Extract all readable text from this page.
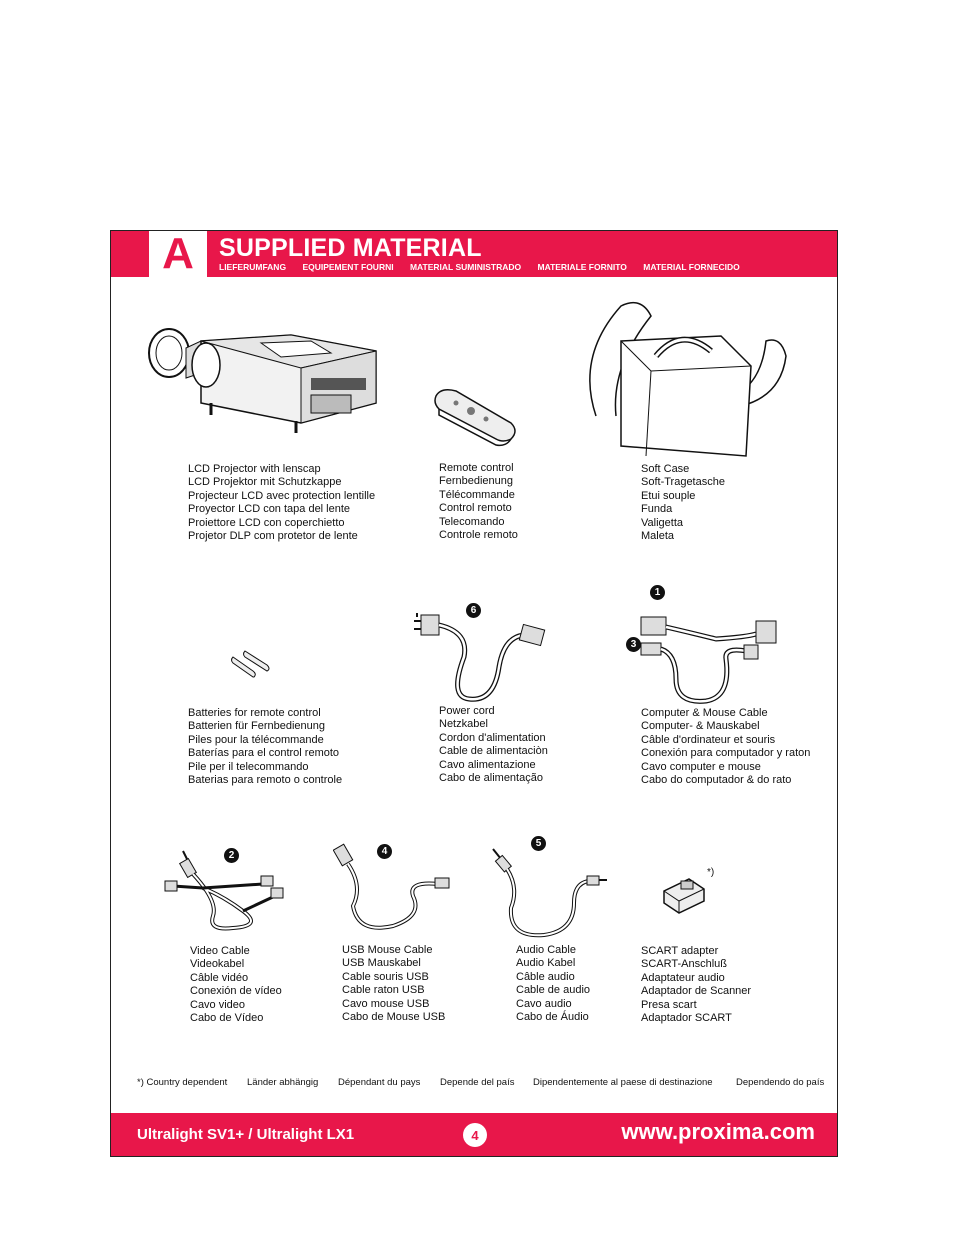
A SUPPLIED MATERIAL
LIEFERUMFANG EQUIPEMENT FOURNI MATERIAL SUMINISTRADO MATERIALE FORNITO MATERIAL FORNECIDO
LCD Projector with lenscap
LCD Projektor mit Schutzkappe
Projecteur LCD avec protection lentille
Proyector LCD con tapa del lente
Proiettore LCD con coperchietto
Projetor DLP com protetor de lente
Remote control
Fernbedienung
Télécommande
Control remoto
Telecomando
Controle remoto
Soft Case
Soft-Tragetasche
Etui souple
Funda
Valigetta
Maleta
6
1
3
Batteries for remote control
Batterien für Fernbedienung
Piles pour la télécommande
Baterías para el control remoto
Pile per il telecommando
Baterias para remoto o controle
Power cord
Netzkabel
Cordon d'alimentation
Cable de alimentaciòn
Cavo alimentazione
Cabo de alimentação
Computer & Mouse Cable
Computer- & Mauskabel
Câble d'ordinateur et souris
Conexión para computador y raton
Cavo computer e mouse
Cabo do computador & do rato
2	4
5
*)
Video Cable
Videokabel
Câble vidéo
Conexión de vídeo
Cavo video
Cabo de Vídeo
USB Mouse Cable
USB Mauskabel
Cable souris USB
Cable raton USB
Cavo mouse USB
Cabo de Mouse USB
Audio Cable
Audio Kabel
Câble audio
Cable de audio
Cavo audio
Cabo de Áudio
SCART adapter
SCART-Anschluß
Adaptateur audio
Adaptador de Scanner
Presa scart
Adaptador SCART
*) Country dependent Länder abhängig Dépendant du pays Depende del país Dipendentemente al paese di destinazione Dependendo do país
Ultralight SV1+ / Ultralight LX1	4	www.proxima.com
